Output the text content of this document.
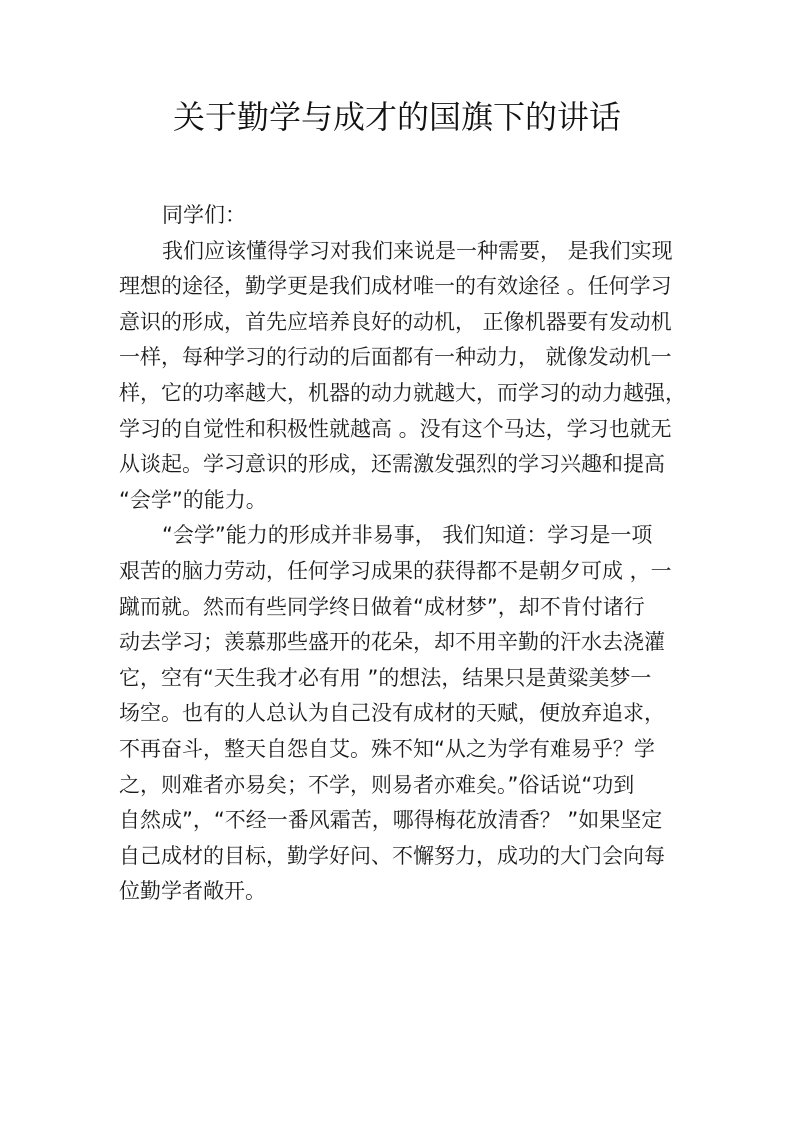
关于勤学与成才的国旗下的讲话
同学们：
我们应该懂得学习对我们来说是一种需要， 是我们实现
理想的途径，勤学更是我们成材唯一的有效途径 。任何学习
意识的形成，首先应培养良好的动机， 正像机器要有发动机
一样，每种学习的行动的后面都有一种动力， 就像发动机一
样，它的功率越大，机器的动力就越大，而学习的动力越强，
学习的自觉性和积极性就越高 。没有这个马达，学习也就无
从谈起。学习意识的形成，还需激发强烈的学习兴趣和提高
“会学”的能力。
“会学”能力的形成并非易事， 我们知道：学习是一项
艰苦的脑力劳动，任何学习成果的获得都不是朝夕可成 ，一
蹴而就。然而有些同学终日做着“成材梦”，却不肯付诸行
动去学习；羡慕那些盛开的花朵，却不用辛勤的汗水去浇灌
它，空有“天生我才必有用 ”的想法，结果只是黄粱美梦一
场空。也有的人总认为自己没有成材的天赋，便放弃追求，
不再奋斗，整天自怨自艾。殊不知“从之为学有难易乎？学
之，则难者亦易矣；不学，则易者亦难矣。”俗话说“功到
自然成”，“不经一番风霜苦，哪得梅花放清香？ ”如果坚定
自己成材的目标，勤学好问、不懈努力，成功的大门会向每
位勤学者敞开。
